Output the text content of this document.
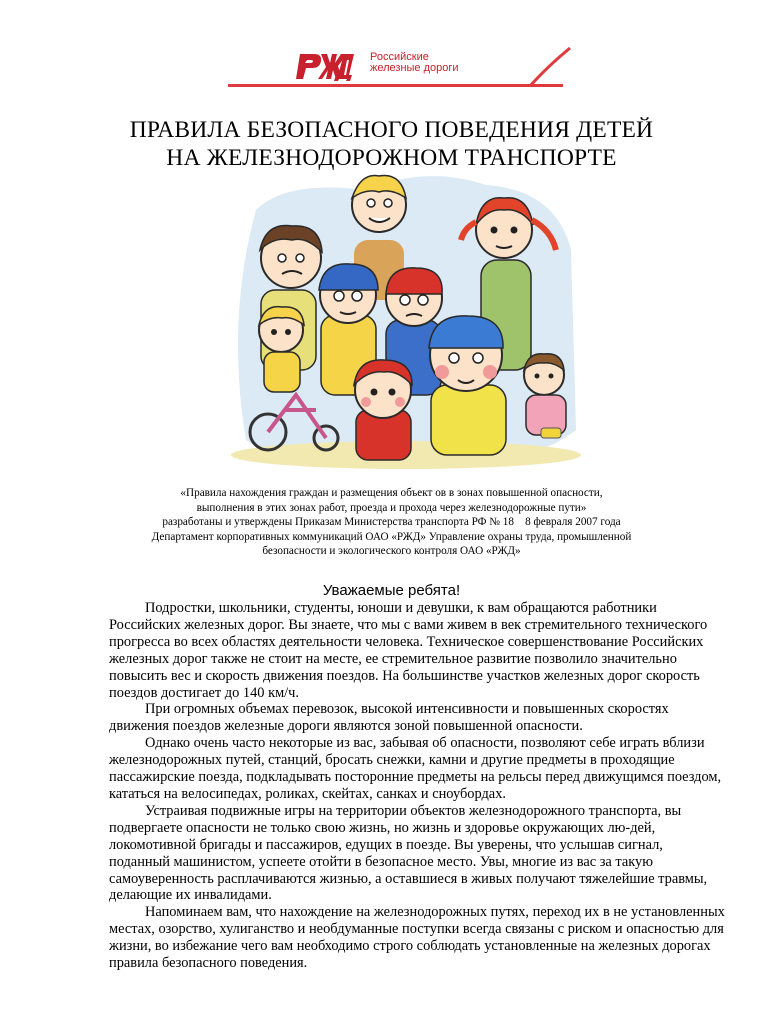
Российские
железные дороги
ПРАВИЛА БЕЗОПАСНОГО ПОВЕДЕНИЯ ДЕТЕЙ
НА ЖЕЛЕЗНОДОРОЖНОМ ТРАНСПОРТЕ
«Правила нахождения граждан и размещения объект ов в зонах повышенной опасности,
выполнения в этих зонах работ, проезда и прохода через железнодорожные пути»
разработаны и утверждены Приказам Министерства транспорта РФ № 18    8 февраля 2007 года
Департамент корпоративных коммуникаций ОАО «РЖД» Управление охраны труда, промышленной
безопасности и экологического контроля ОАО «РЖД»
Уважаемые ребята!

Подростки, школьники, студенты, юноши и девушки, к вам обращаются работники Российских железных дорог. Вы знаете, что мы с вами живем в век стремительного технического прогресса во всех областях деятельности человека. Техническое совершенствование Российских железных дорог также не стоит на месте, ее стремительное развитие позволило значительно повысить вес и скорость движения поездов. На большинстве участков железных дорог скорость поездов достигает до 140 км/ч.

При огромных объемах перевозок, высокой интенсивности и повышенных скоростях движения поездов железные дороги являются зоной повышенной опасности.

Однако очень часто некоторые из вас, забывая об опасности, позволяют себе играть вблизи железнодорожных путей, станций, бросать снежки, камни и другие предметы в проходящие пассажирские поезда, подкладывать посторонние предметы на рельсы перед движущимся поездом, кататься на велосипедах, роликах, скейтах, санках и сноубордах.

Устраивая подвижные игры на территории объектов железнодорожного транспорта, вы подвергаете опасности не только свою жизнь, но жизнь и здоровье окружающих лю-дей, локомотивной бригады и пассажиров, едущих в поезде. Вы уверены, что услышав сигнал, поданный машинистом, успеете отойти в безопасное место. Увы, многие из вас за такую самоуверенность расплачиваются жизнью, а оставшиеся в живых получают тяжелейшие травмы, делающие их инвалидами.

Напоминаем вам, что нахождение на железнодорожных путях, переход их в не установленных местах, озорство, хулиганство и необдуманные поступки всегда связаны с риском и опасностью для жизни, во избежание чего вам необходимо строго соблюдать установленные на железных дорогах правила безопасного поведения.
